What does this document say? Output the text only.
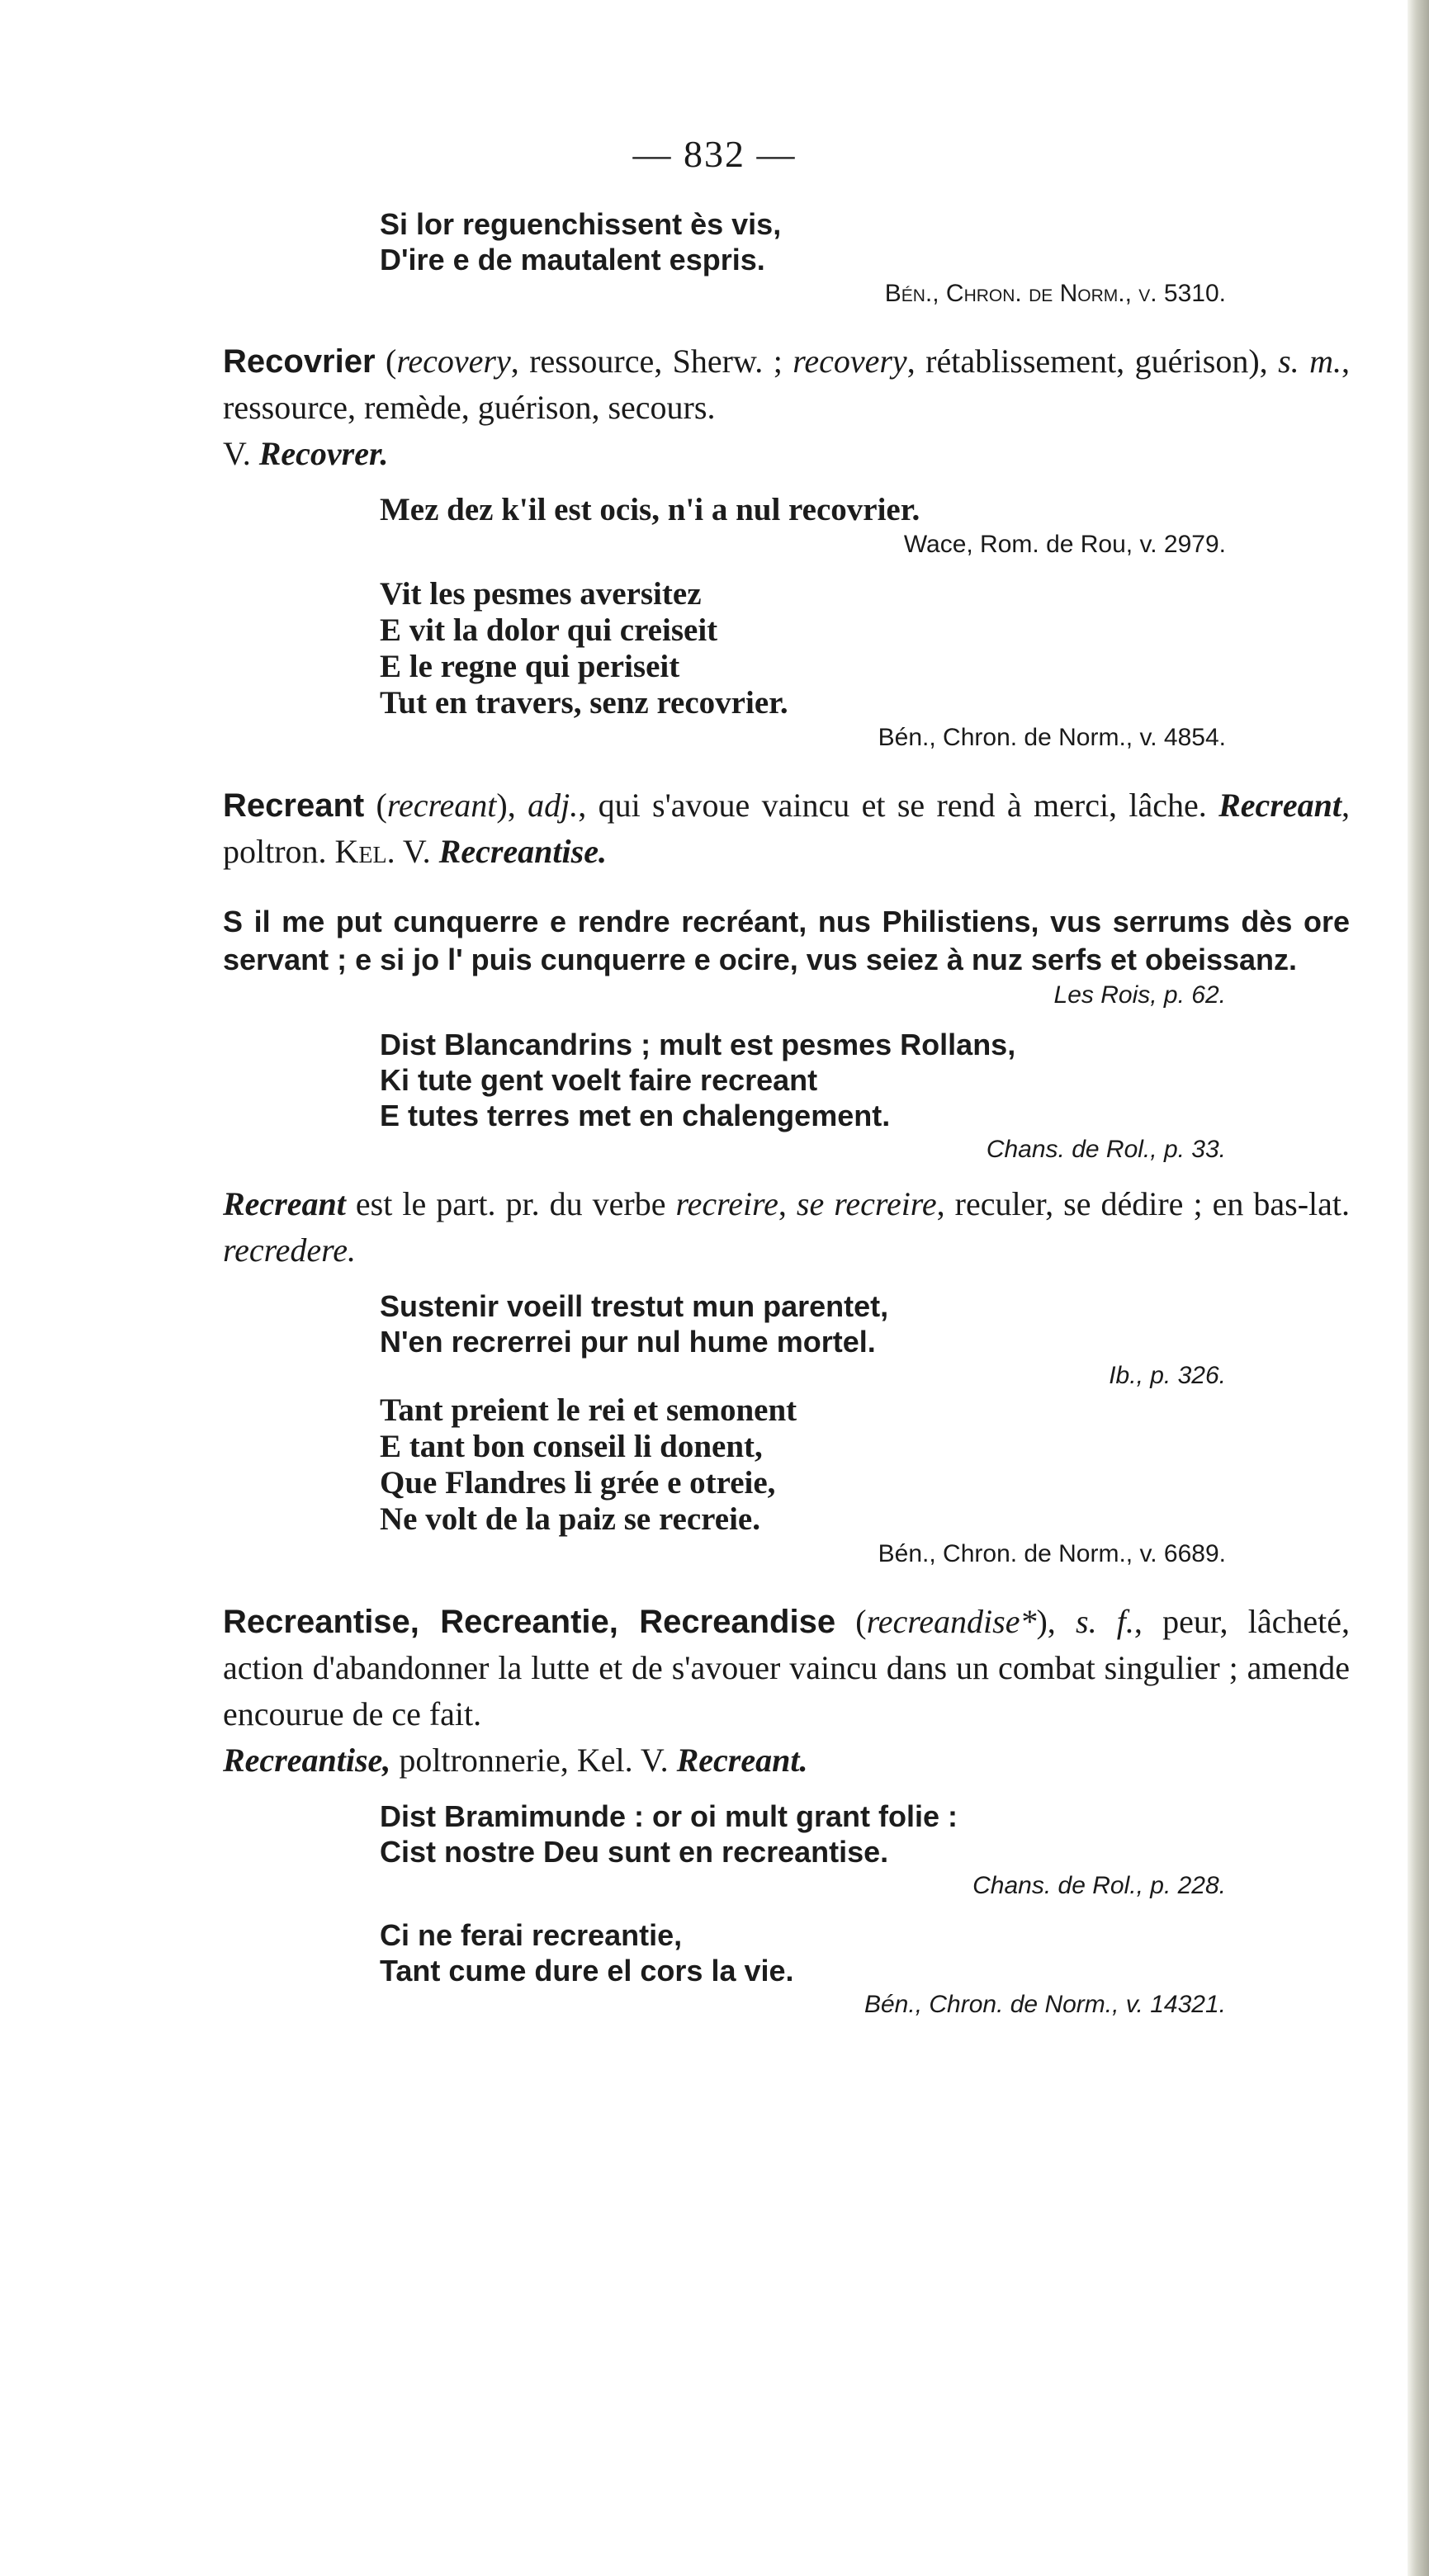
— 832 —
Si lor reguenchissent ès vis,
D'ire e de mautalent espris.

Bén., Chron. de Norm., v. 5310.

Recovrier (recovery, ressource, Sherw. ; recovery, rétablissement, guérison), s. m., ressource, remède, guérison, secours.
V. Recovrer.

Mez dez k'il est ocis, n'i a nul recovrier.

Wace, Rom. de Rou, v. 2979.

Vit les pesmes aversitez
E vit la dolor qui creiseit
E le regne qui periseit
Tut en travers, senz recovrier.

Bén., Chron. de Norm., v. 4854.

Recreant (recreant), adj., qui s'avoue vaincu et se rend à merci, lâche. Recreant, poltron. Kel. V. Recreantise.

S il me put cunquerre e rendre recréant, nus Philistiens, vus serrums dès ore servant ; e si jo l' puis cunquerre e ocire, vus seiez à nuz serfs et obeissanz.

Les Rois, p. 62.

Dist Blancandrins ; mult est pesmes Rollans,
Ki tute gent voelt faire recreant
E tutes terres met en chalengement.

Chans. de Rol., p. 33.

Recreant est le part. pr. du verbe recreire, se recreire, reculer, se dédire ; en bas-lat. recredere.

Sustenir voeill trestut mun parentet,
N'en recrerrei pur nul hume mortel.

Ib., p. 326.

Tant preient le rei et semonent
E tant bon conseil li donent,
Que Flandres li grée e otreie,
Ne volt de la paiz se recreie.

Bén., Chron. de Norm., v. 6689.

Recreantise, Recreantie, Recreandise (recreandise*), s. f., peur, lâcheté, action d'abandonner la lutte et de s'avouer vaincu dans un combat singulier ; amende encourue de ce fait.

Recreantise, poltronnerie, Kel. V. Recreant.

Dist Bramimunde : or oi mult grant folie :
Cist nostre Deu sunt en recreantise.

Chans. de Rol., p. 228.

Ci ne ferai recreantie,
Tant cume dure el cors la vie.

Bén., Chron. de Norm., v. 14321.
